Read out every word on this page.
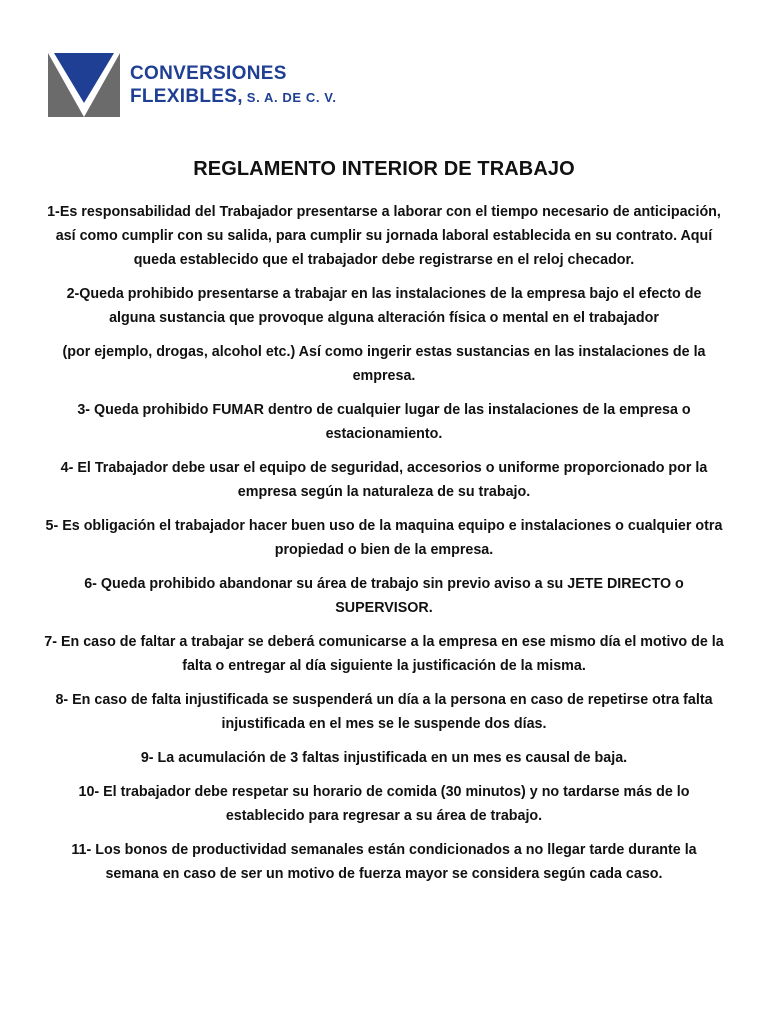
CONVERSIONES
FLEXIBLES, S. A. DE C. V.
REGLAMENTO INTERIOR DE TRABAJO

1-Es responsabilidad del Trabajador presentarse a laborar con el tiempo necesario de anticipación, así como cumplir con su salida, para cumplir su jornada laboral establecida en su contrato. Aquí queda establecido que el trabajador debe registrarse en el reloj checador.

2-Queda prohibido presentarse a trabajar en las instalaciones de la empresa bajo el efecto de alguna sustancia que provoque alguna alteración física o mental en el trabajador

(por ejemplo, drogas, alcohol etc.) Así como ingerir estas sustancias en las instalaciones de la empresa.

3- Queda prohibido FUMAR dentro de cualquier lugar de las instalaciones de la empresa o estacionamiento.

4- El Trabajador debe usar el equipo de seguridad, accesorios o uniforme proporcionado por la empresa según la naturaleza de su trabajo.

5- Es obligación el trabajador hacer buen uso de la maquina equipo e instalaciones o cualquier otra propiedad o bien de la empresa.

6- Queda prohibido abandonar su área de trabajo sin previo aviso a su JETE DIRECTO o SUPERVISOR.

7- En caso de faltar a trabajar se deberá comunicarse a la empresa en ese mismo día el motivo de la falta o entregar al día siguiente la justificación de la misma.

8- En caso de falta injustificada se suspenderá un día a la persona en caso de repetirse otra falta injustificada en el mes se le suspende dos días.

9- La acumulación de 3 faltas injustificada en un mes es causal de baja.

10- El trabajador debe respetar su horario de comida (30 minutos) y no tardarse más de lo establecido para regresar a su área de trabajo.

11- Los bonos de productividad semanales están condicionados a no llegar tarde durante la semana en caso de ser un motivo de fuerza mayor se considera según cada caso.
